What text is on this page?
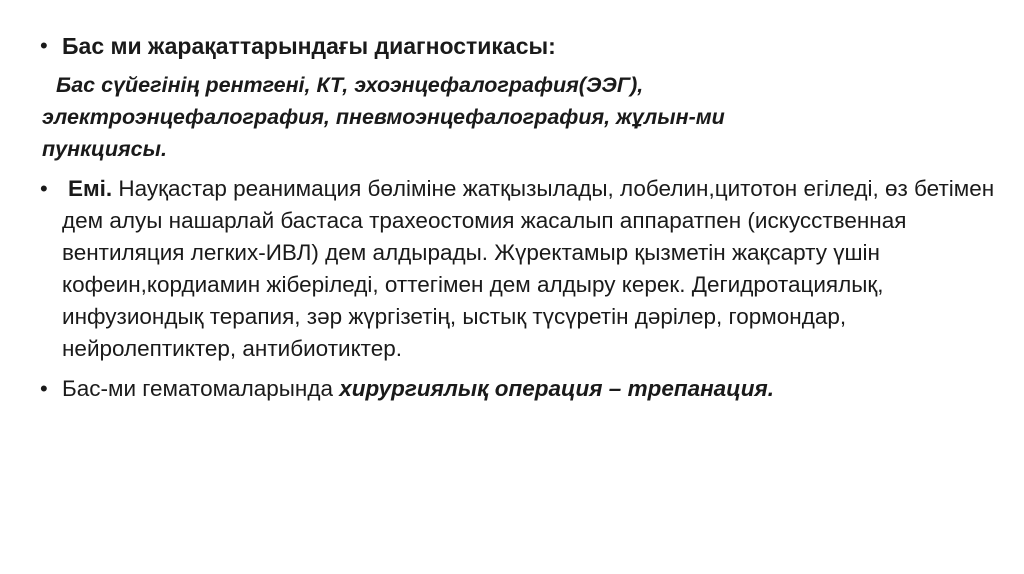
• Бас ми жарақаттарындағы диагностикасы:
Бас сүйегінің рентгені, КТ, эхоэнцефалография(ЭЭГ),
электроэнцефалография, пневмоэнцефалография, жұлын-ми
пункциясы.
• Емі. Науқастар реанимация бөліміне жатқызылады, лобелин,цитотон егіледі, өз бетімен дем алуы нашарлай бастаса трахеостомия жасалып аппаратпен (искусственная вентиляция легких-ИВЛ) дем алдырады. Жүректамыр қызметін жақсарту үшін кофеин,кордиамин жіберіледі, оттегімен дем алдыру керек. Дегидротациялық, инфузиондық терапия, зәр жүргізетің, ыстық түсүретін дәрілер, гормондар, нейролептиктер, антибиотиктер.
• Бас-ми гематомаларында хирургиялық операция – трепанация.
